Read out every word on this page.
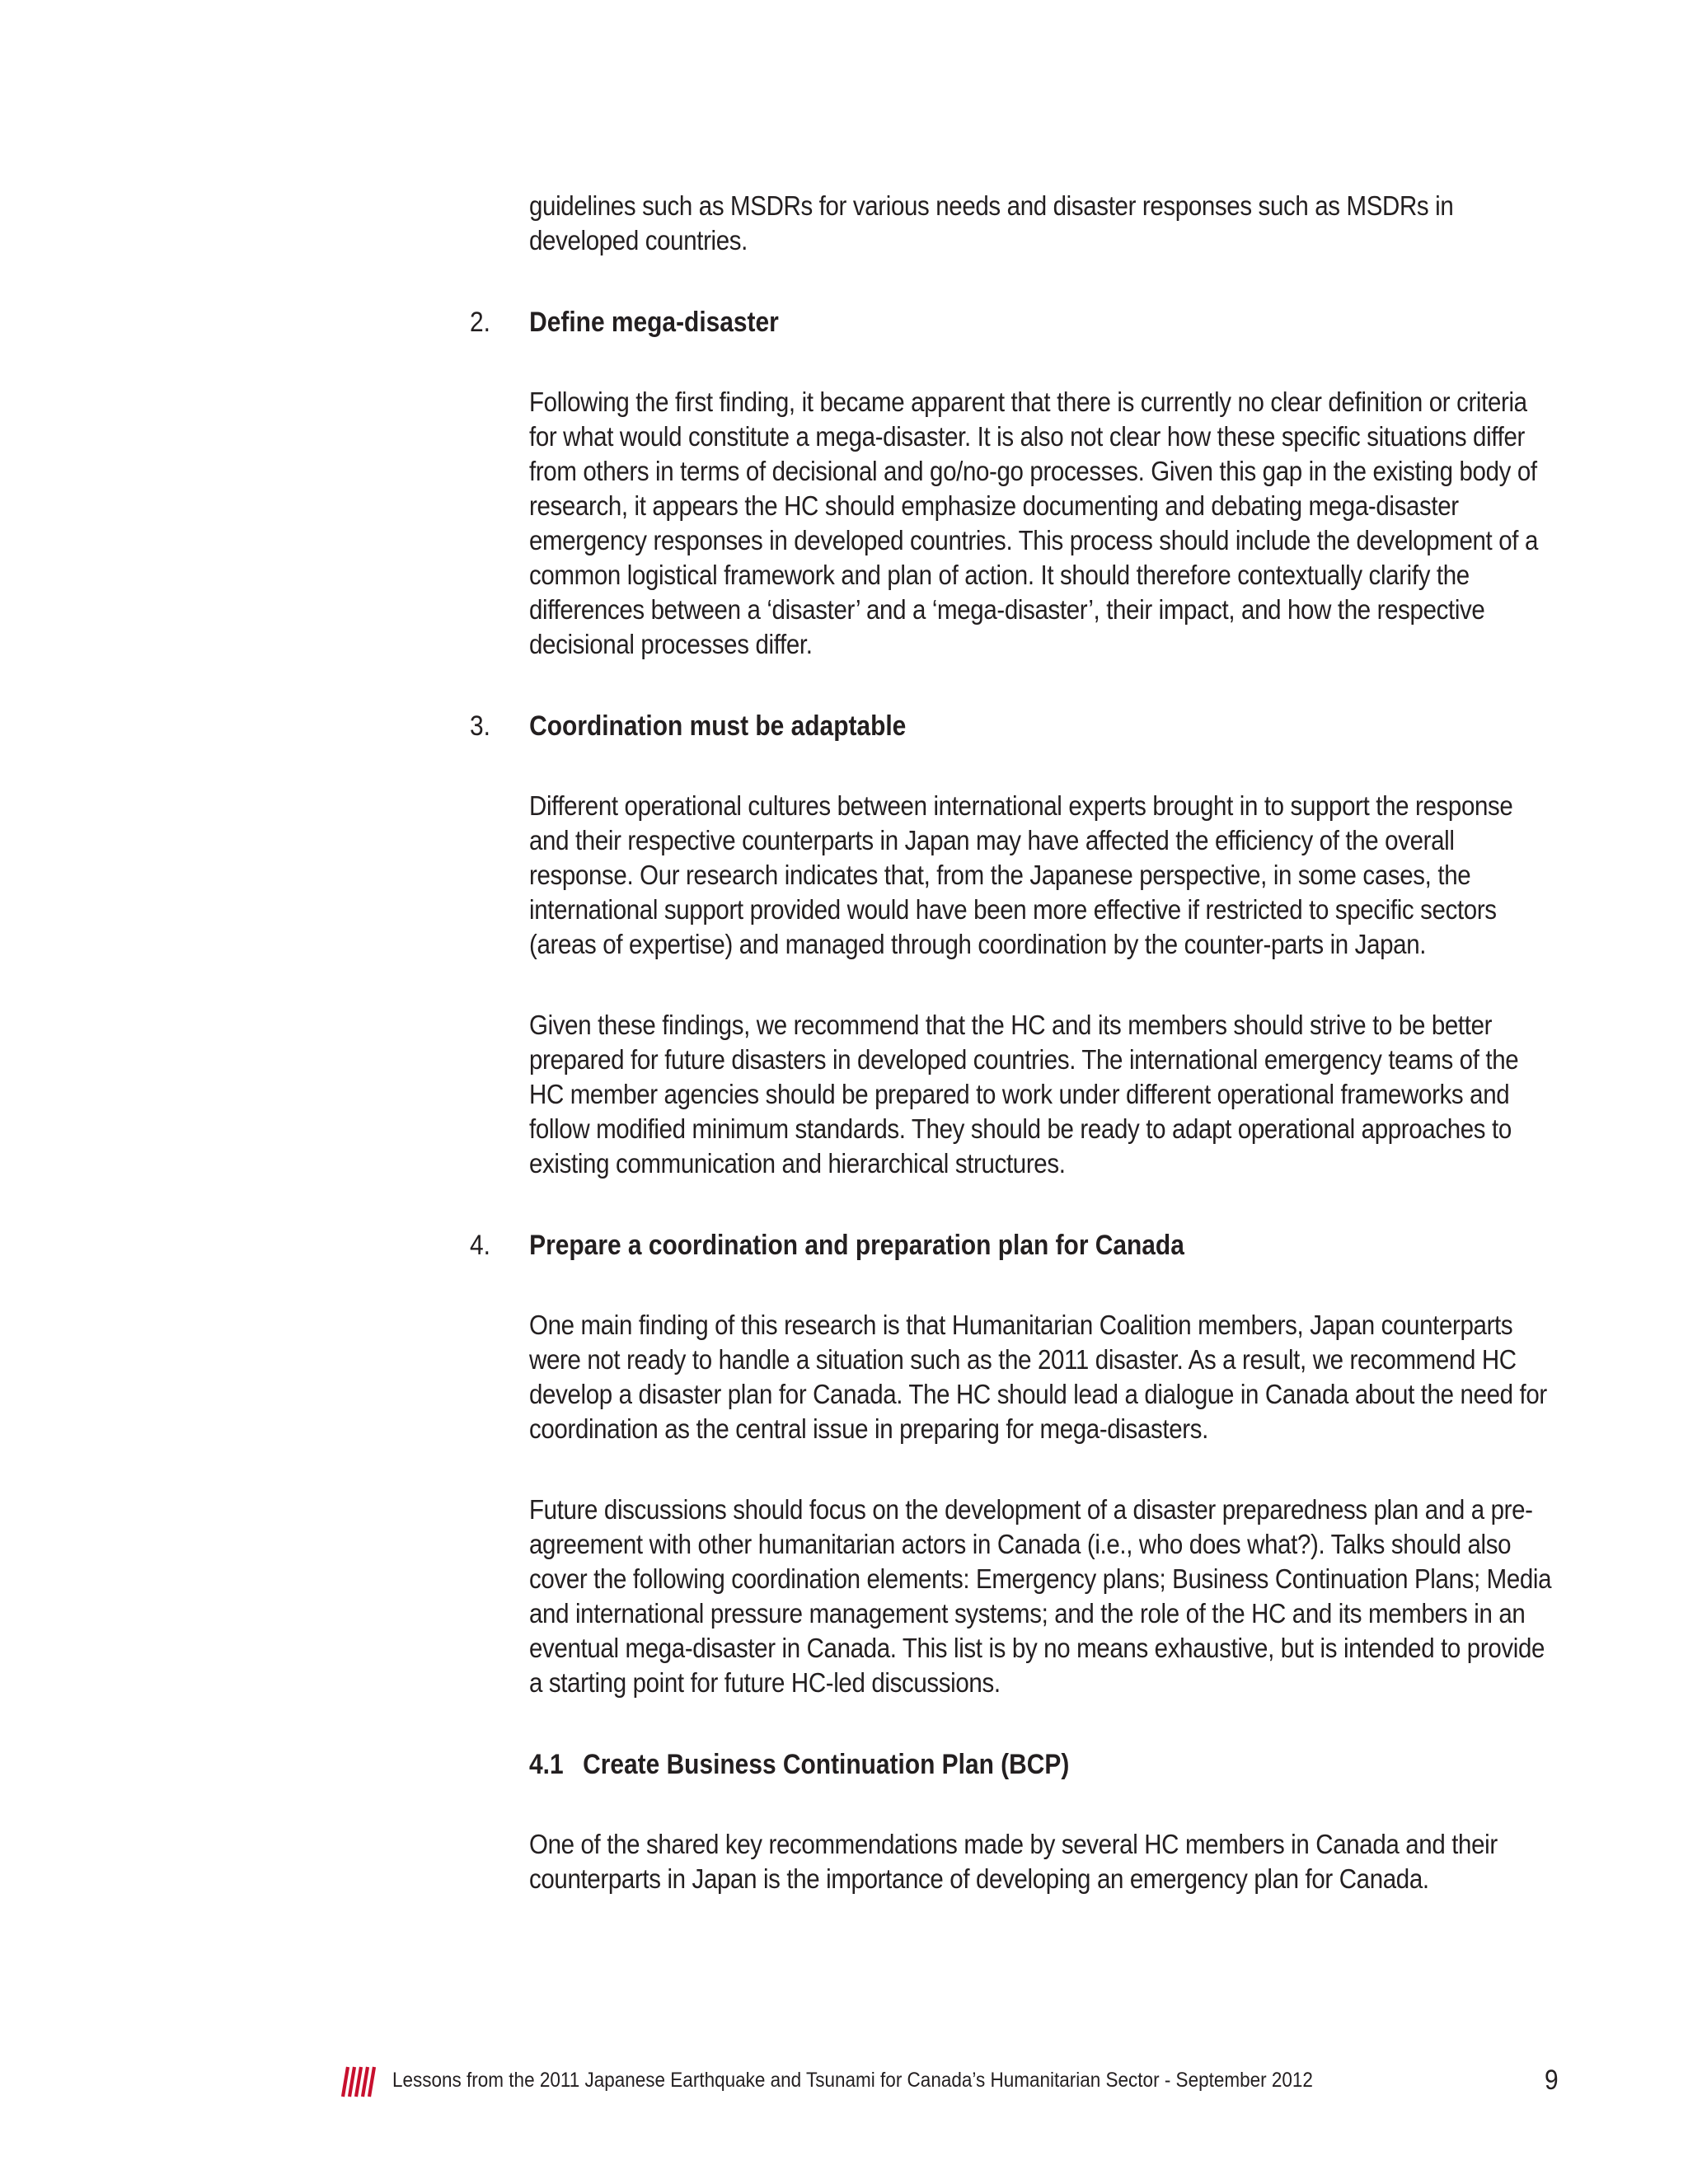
guidelines such as MSDRs for various needs and disaster responses such as MSDRs in developed countries.
2. Define mega-disaster
Following the first finding, it became apparent that there is currently no clear definition or criteria for what would constitute a mega-disaster. It is also not clear how these specific situations differ from others in terms of decisional and go/no-go processes. Given this gap in the existing body of research, it appears the HC should emphasize documenting and debating mega-disaster emergency responses in developed countries. This process should include the development of a common logistical framework and plan of action. It should therefore contextually clarify the differences between a ‘disaster’ and a ‘mega-disaster’, their impact, and how the respective decisional processes differ.
3. Coordination must be adaptable
Different operational cultures between international experts brought in to support the response and their respective counterparts in Japan may have affected the efficiency of the overall response. Our research indicates that, from the Japanese perspective, in some cases, the international support provided would have been more effective if restricted to specific sectors (areas of expertise) and managed through coordination by the counter-parts in Japan.
Given these findings, we recommend that the HC and its members should strive to be better prepared for future disasters in developed countries. The international emergency teams of the HC member agencies should be prepared to work under different operational frameworks and follow modified minimum standards. They should be ready to adapt operational approaches to existing communication and hierarchical structures.
4. Prepare a coordination and preparation plan for Canada
One main finding of this research is that Humanitarian Coalition members, Japan counterparts were not ready to handle a situation such as the 2011 disaster. As a result, we recommend HC develop a disaster plan for Canada. The HC should lead a dialogue in Canada about the need for coordination as the central issue in preparing for mega-disasters.
Future discussions should focus on the development of a disaster preparedness plan and a pre-agreement with other humanitarian actors in Canada (i.e., who does what?). Talks should also cover the following coordination elements: Emergency plans; Business Continuation Plans; Media and international pressure management systems; and the role of the HC and its members in an eventual mega-disaster in Canada. This list is by no means exhaustive, but is intended to provide a starting point for future HC-led discussions.
4.1 Create Business Continuation Plan (BCP)
One of the shared key recommendations made by several HC members in Canada and their counterparts in Japan is the importance of developing an emergency plan for Canada.
Lessons from the 2011 Japanese Earthquake and Tsunami for Canada’s Humanitarian Sector - September 2012	9
